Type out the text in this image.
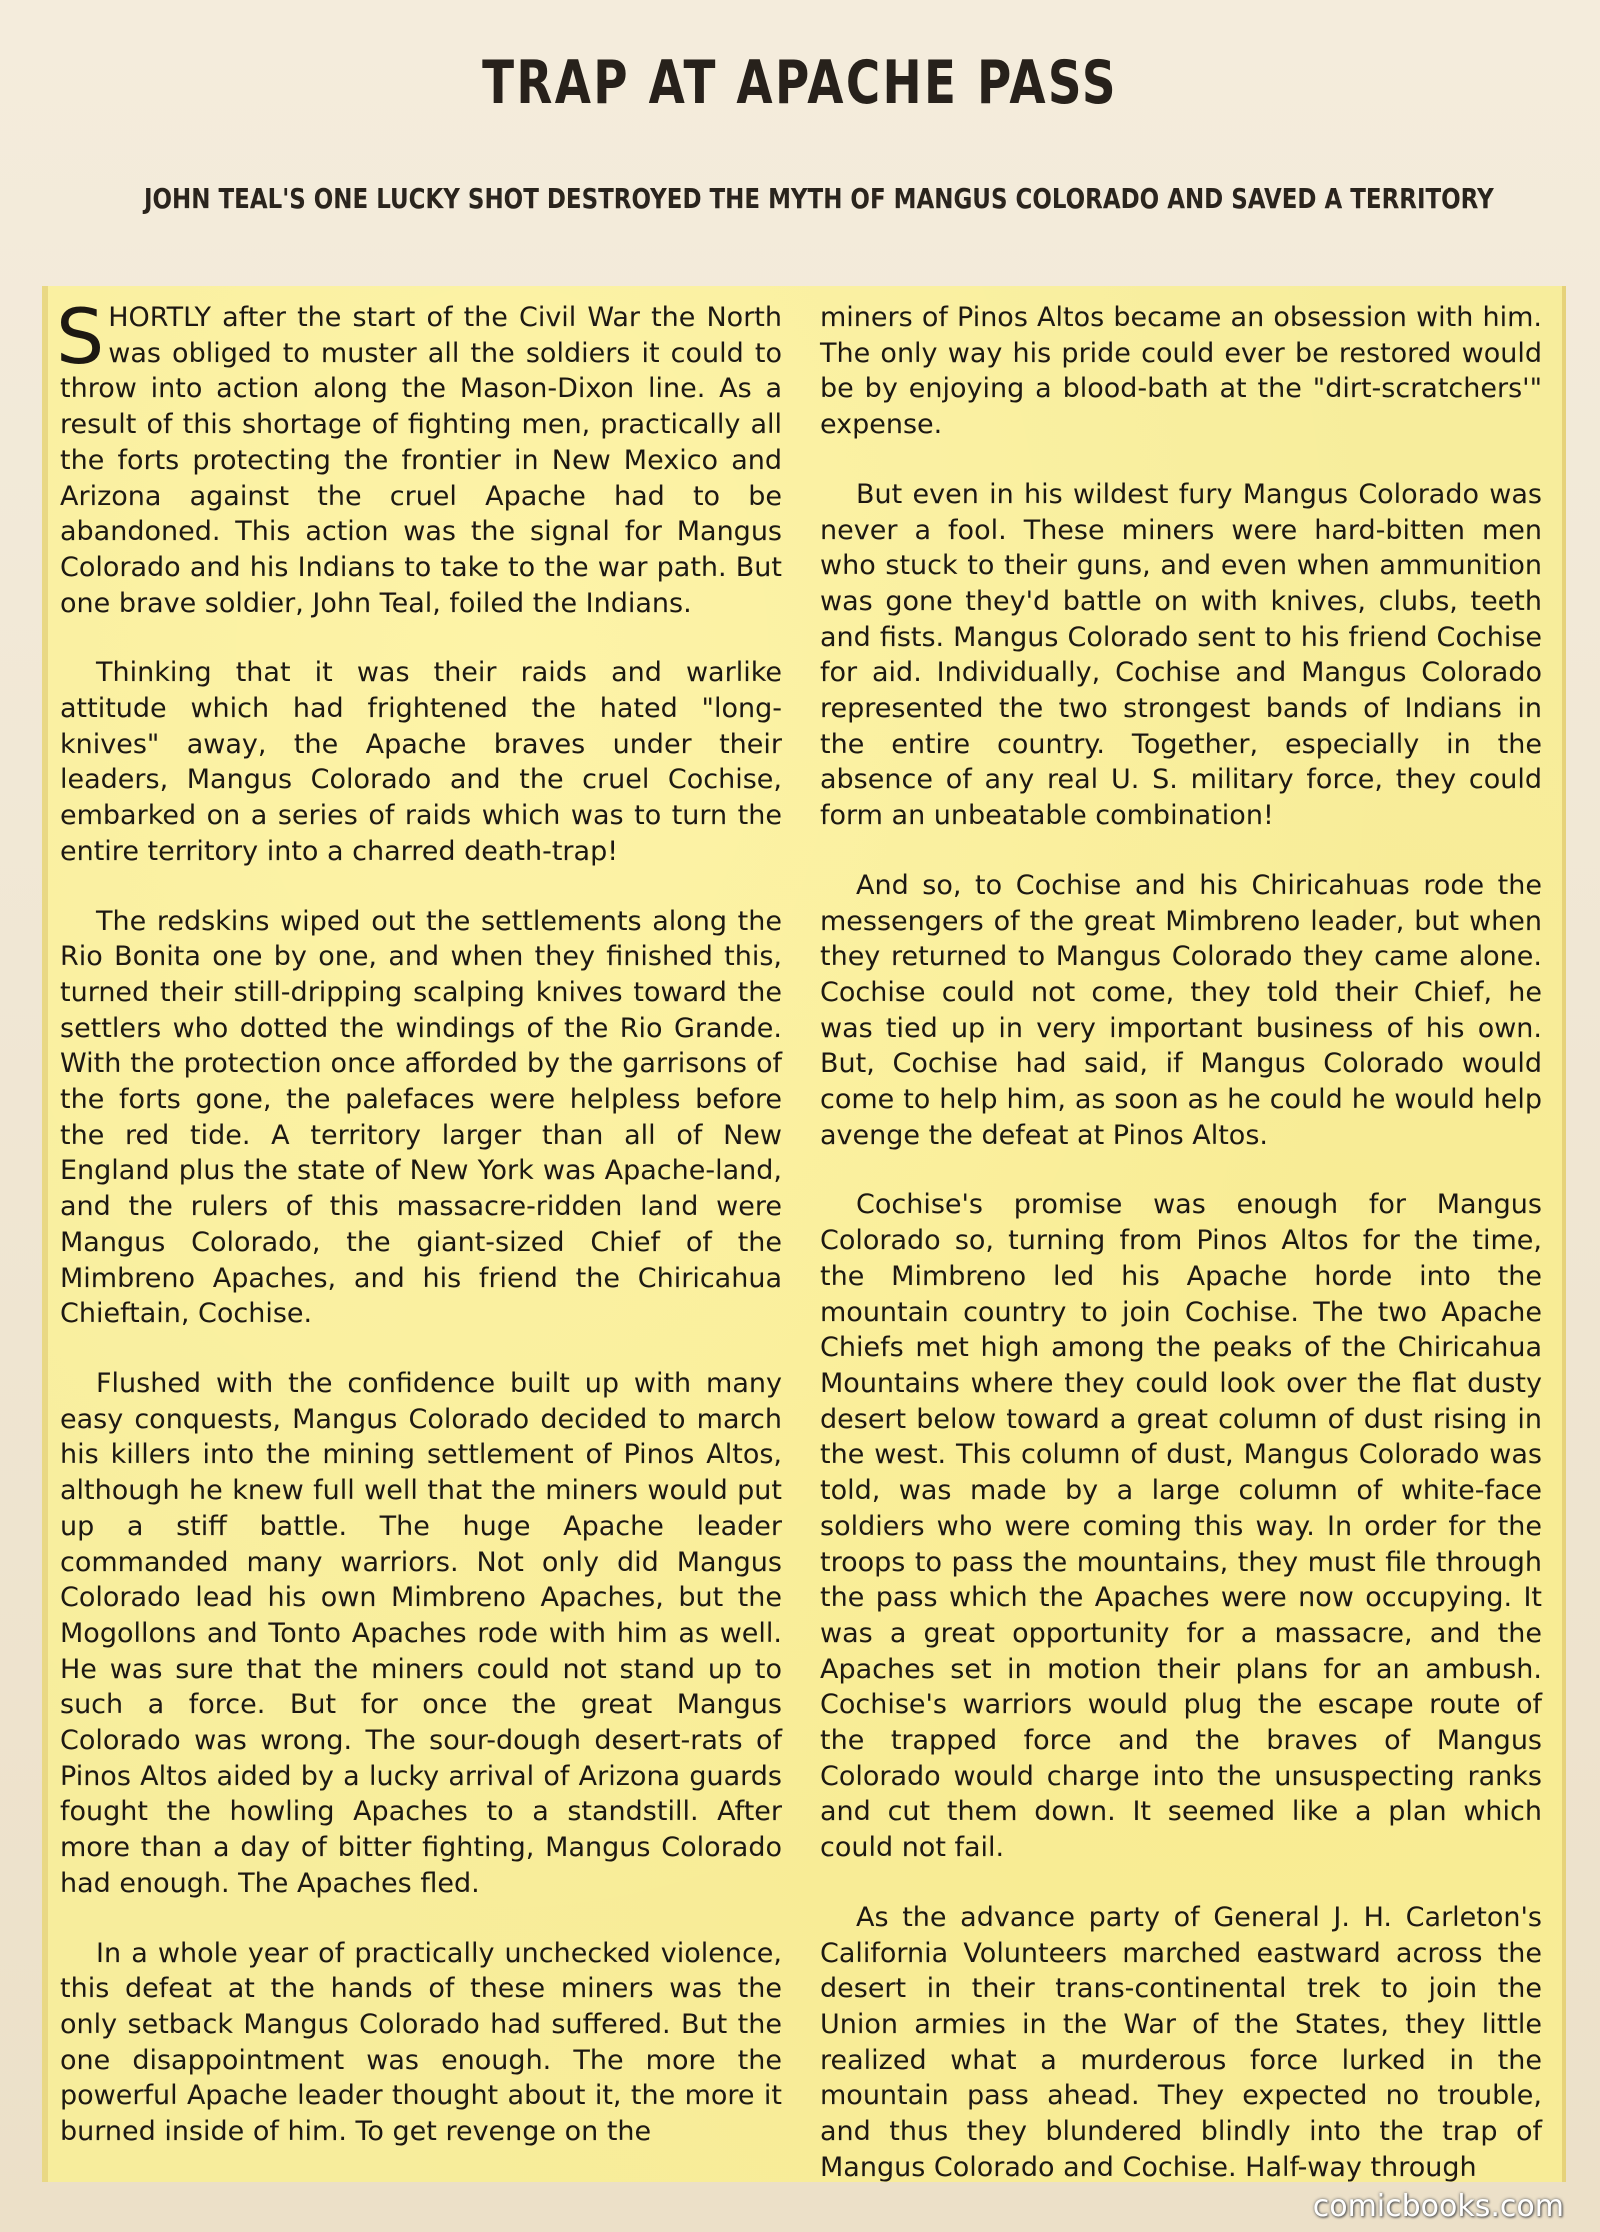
TRAP AT APACHE PASS
JOHN TEAL'S ONE LUCKY SHOT DESTROYED THE MYTH OF MANGUS COLORADO AND SAVED A TERRITORY

SHORTLY after the start of the Civil War the North was obliged to muster all the soldiers it could to throw into action along the Mason-Dixon line. As a result of this shortage of fighting men, practically all the forts protecting the frontier in New Mexico and Arizona against the cruel Apache had to be abandoned. This action was the signal for Mangus Colorado and his Indians to take to the war path. But one brave soldier, John Teal, foiled the Indians.

Thinking that it was their raids and warlike attitude which had frightened the hated "long-knives" away, the Apache braves under their leaders, Mangus Colorado and the cruel Cochise, embarked on a series of raids which was to turn the entire territory into a charred death-trap!

The redskins wiped out the settlements along the Rio Bonita one by one, and when they finished this, turned their still-dripping scalping knives toward the settlers who dotted the windings of the Rio Grande. With the protection once afforded by the garrisons of the forts gone, the palefaces were helpless before the red tide. A territory larger than all of New England plus the state of New York was Apache-land, and the rulers of this massacre-ridden land were Mangus Colorado, the giant-sized Chief of the Mimbreno Apaches, and his friend the Chiricahua Chieftain, Cochise.

Flushed with the confidence built up with many easy conquests, Mangus Colorado decided to march his killers into the mining settlement of Pinos Altos, although he knew full well that the miners would put up a stiff battle. The huge Apache leader commanded many warriors. Not only did Mangus Colorado lead his own Mimbreno Apaches, but the Mogollons and Tonto Apaches rode with him as well. He was sure that the miners could not stand up to such a force. But for once the great Mangus Colorado was wrong. The sour-dough desert-rats of Pinos Altos aided by a lucky arrival of Arizona guards fought the howling Apaches to a standstill. After more than a day of bitter fighting, Mangus Colorado had enough. The Apaches fled.

In a whole year of practically unchecked violence, this defeat at the hands of these miners was the only setback Mangus Colorado had suffered. But the one disappointment was enough. The more the powerful Apache leader thought about it, the more it burned inside of him. To get revenge on the

miners of Pinos Altos became an obsession with him. The only way his pride could ever be restored would be by enjoying a blood-bath at the "dirt-scratchers'" expense.

But even in his wildest fury Mangus Colorado was never a fool. These miners were hard-bitten men who stuck to their guns, and even when ammunition was gone they'd battle on with knives, clubs, teeth and fists. Mangus Colorado sent to his friend Cochise for aid. Individually, Cochise and Mangus Colorado represented the two strongest bands of Indians in the entire country. Together, especially in the absence of any real U. S. military force, they could form an unbeatable combination!

And so, to Cochise and his Chiricahuas rode the messengers of the great Mimbreno leader, but when they returned to Mangus Colorado they came alone. Cochise could not come, they told their Chief, he was tied up in very important business of his own. But, Cochise had said, if Mangus Colorado would come to help him, as soon as he could he would help avenge the defeat at Pinos Altos.

Cochise's promise was enough for Mangus Colorado so, turning from Pinos Altos for the time, the Mimbreno led his Apache horde into the mountain country to join Cochise. The two Apache Chiefs met high among the peaks of the Chiricahua Mountains where they could look over the flat dusty desert below toward a great column of dust rising in the west. This column of dust, Mangus Colorado was told, was made by a large column of white-face soldiers who were coming this way. In order for the troops to pass the mountains, they must file through the pass which the Apaches were now occupying. It was a great opportunity for a massacre, and the Apaches set in motion their plans for an ambush. Cochise's warriors would plug the escape route of the trapped force and the braves of Mangus Colorado would charge into the unsuspecting ranks and cut them down. It seemed like a plan which could not fail.

As the advance party of General J. H. Carleton's California Volunteers marched eastward across the desert in their trans-continental trek to join the Union armies in the War of the States, they little realized what a murderous force lurked in the mountain pass ahead. They expected no trouble, and thus they blundered blindly into the trap of Mangus Colorado and Cochise. Half-way through

comicbooks.com
